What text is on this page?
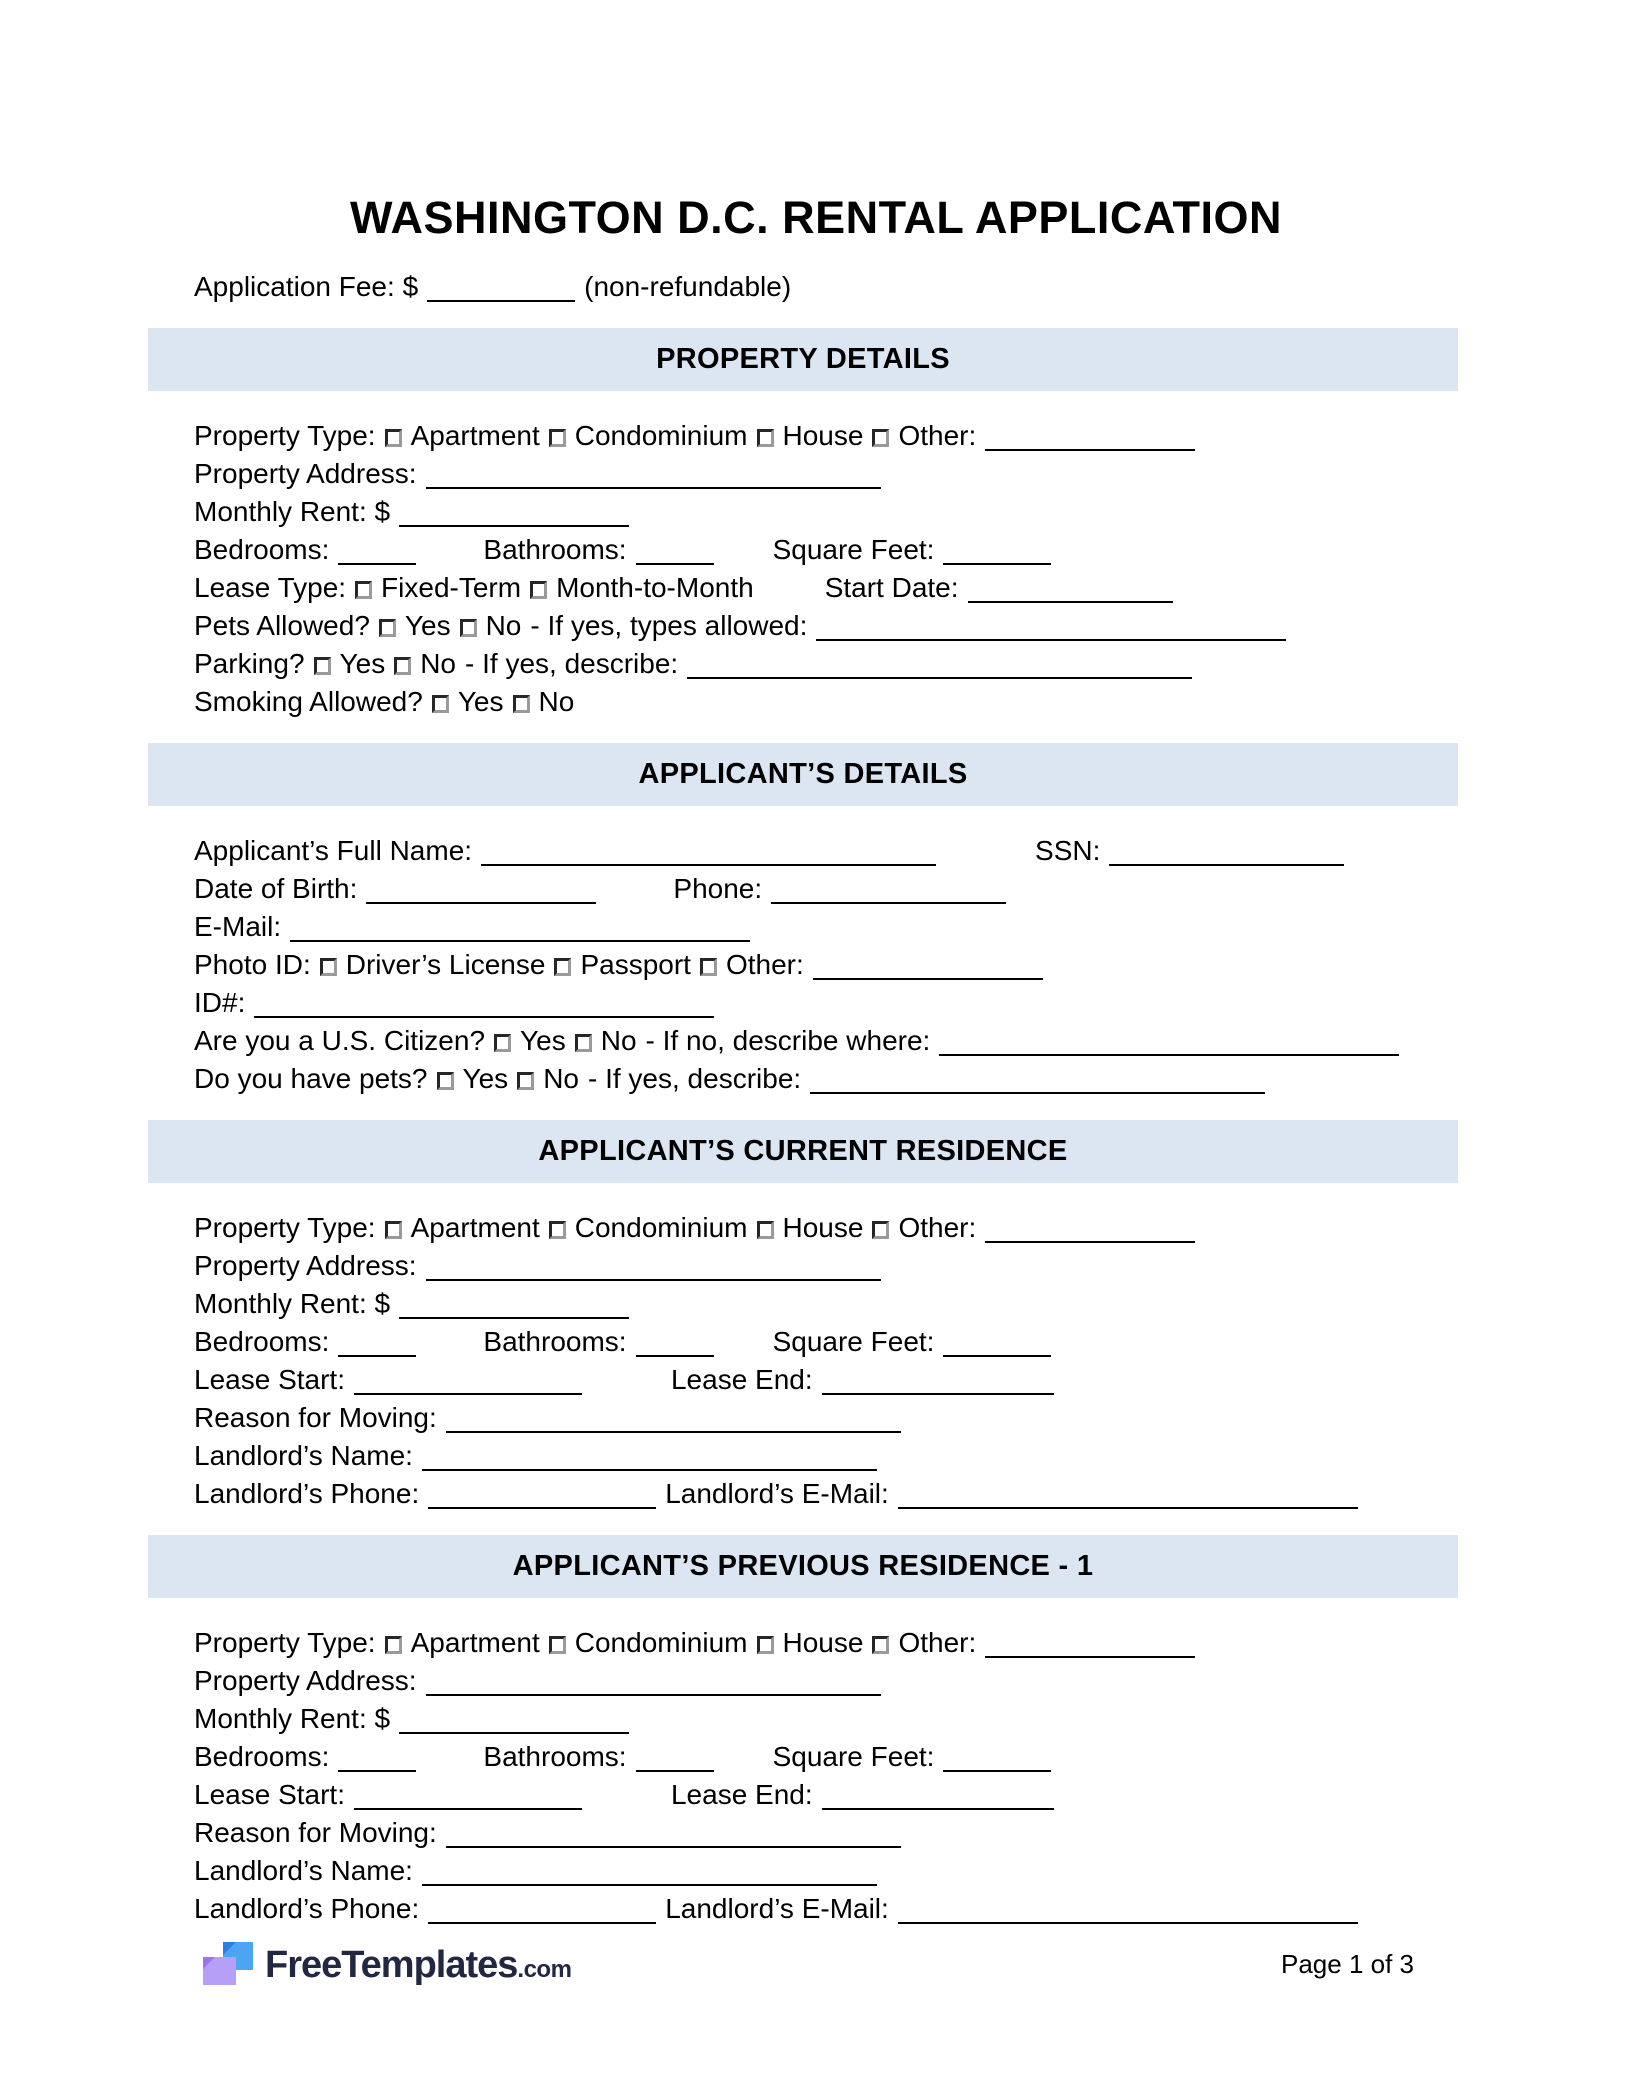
WASHINGTON D.C. RENTAL APPLICATION
Application Fee: $	(non-refundable)
PROPERTY DETAILS
Property Type: Apartment Condominium House Other:
Property Address:
Monthly Rent: $
Bedrooms:	Bathrooms:	Square Feet:
Lease Type: Fixed-Term Month-to-Month	Start Date:
Pets Allowed? Yes No - If yes, types allowed:
Parking? Yes No - If yes, describe:
Smoking Allowed? Yes No
APPLICANT’S DETAILS
Applicant’s Full Name:	SSN:
Date of Birth:	Phone:
E-Mail:
Photo ID: Driver’s License Passport Other:
ID#:
Are you a U.S. Citizen? Yes No - If no, describe where:
Do you have pets? Yes No - If yes, describe:
APPLICANT’S CURRENT RESIDENCE
Property Type: Apartment Condominium House Other:
Property Address:
Monthly Rent: $
Bedrooms:	Bathrooms:	Square Feet:
Lease Start:	Lease End:
Reason for Moving:
Landlord’s Name:
Landlord’s Phone:	Landlord’s E-Mail:
APPLICANT’S PREVIOUS RESIDENCE - 1
Property Type: Apartment Condominium House Other:
Property Address:
Monthly Rent: $
Bedrooms:	Bathrooms:	Square Feet:
Lease Start:	Lease End:
Reason for Moving:
Landlord’s Name:
Landlord’s Phone:	Landlord’s E-Mail:
FreeTemplates.com	Page 1 of 3
